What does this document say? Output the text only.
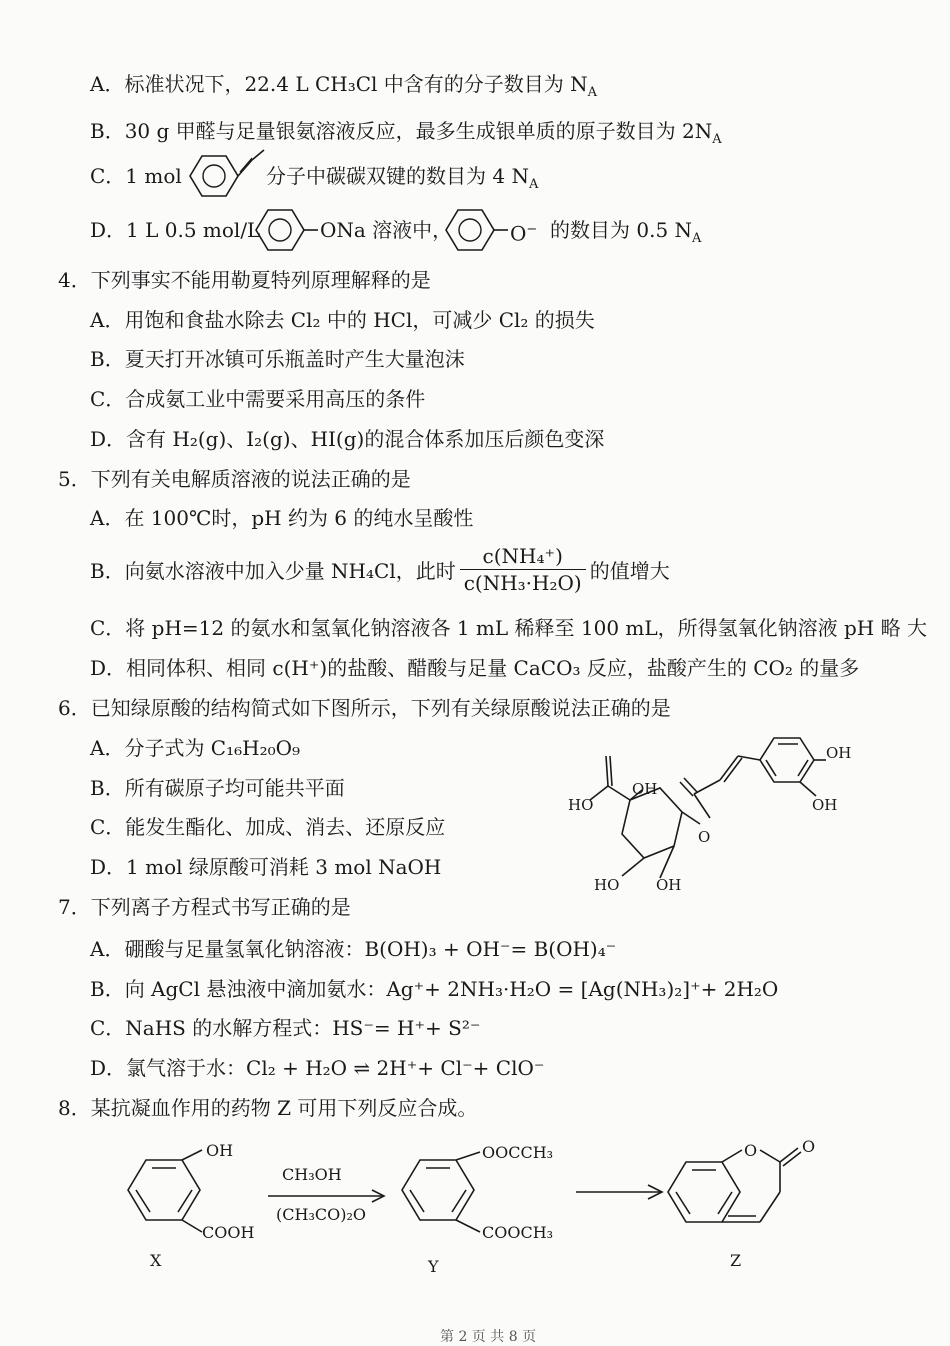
A．标准状况下，22.4 L CH₃Cl 中含有的分子数目为 $N_A$
B．30 g 甲醛与足量银氨溶液反应，最多生成银单质的原子数目为 $2N_A$
C．1 mol	分子中碳碳双键的数目为 4 $N_A$
D．1 L 0.5 mol/L	ONa 溶液中，	O− 的数目为 0.5 $N_A$
4．下列事实不能用勒夏特列原理解释的是
A．用饱和食盐水除去 Cl₂ 中的 HCl，可减少 Cl₂ 的损失
B．夏天打开冰镇可乐瓶盖时产生大量泡沫
C．合成氨工业中需要采用高压的条件
D．含有 H₂(g)、I₂(g)、HI(g)的混合体系加压后颜色变深
5．下列有关电解质溶液的说法正确的是
A．在 100℃时，pH 约为 6 的纯水呈酸性
B．向氨水溶液中加入少量 NH₄Cl，此时 $\frac{\text{c(NH₄⁺)}}{\text{c(NH₃·H₂O)}}$ 的值增大
C．将 pH=12 的氨水和氢氧化钠溶液各 1 mL 稀释至 100 mL，所得氢氧化钠溶液 pH 略 大
D．相同体积、相同 c(H⁺)的盐酸、醋酸与足量 CaCO₃ 反应，盐酸产生的 CO₂ 的量多
6．已知绿原酸的结构简式如下图所示，下列有关绿原酸说法正确的是
A．分子式为 C₁₆H₂₀O₉
B．所有碳原子均可能共平面
C．能发生酯化、加成、消去、还原反应
D．1 mol 绿原酸可消耗 3 mol NaOH
OH
OH
HO
OH
O
HO OH
7．下列离子方程式书写正确的是
A．硼酸与足量氢氧化钠溶液：B(OH)₃ + OH⁻= B(OH)₄⁻
B．向 AgCl 悬浊液中滴加氨水：Ag⁺+ 2NH₃·H₂O = [Ag(NH₃)₂]⁺+ 2H₂O
C．NaHS 的水解方程式：HS⁻= H⁺+ S²⁻
D．氯气溶于水：Cl₂ + H₂O ⇌ 2H⁺+ Cl⁻+ ClO⁻
8．某抗凝血作用的药物 Z 可用下列反应合成。
OH
COOH
CH₃OH
(CH₃CO)₂O
OOCCH₃
COOCH₃
O	O
X	Y	Z
第 2 页 共 8 页
